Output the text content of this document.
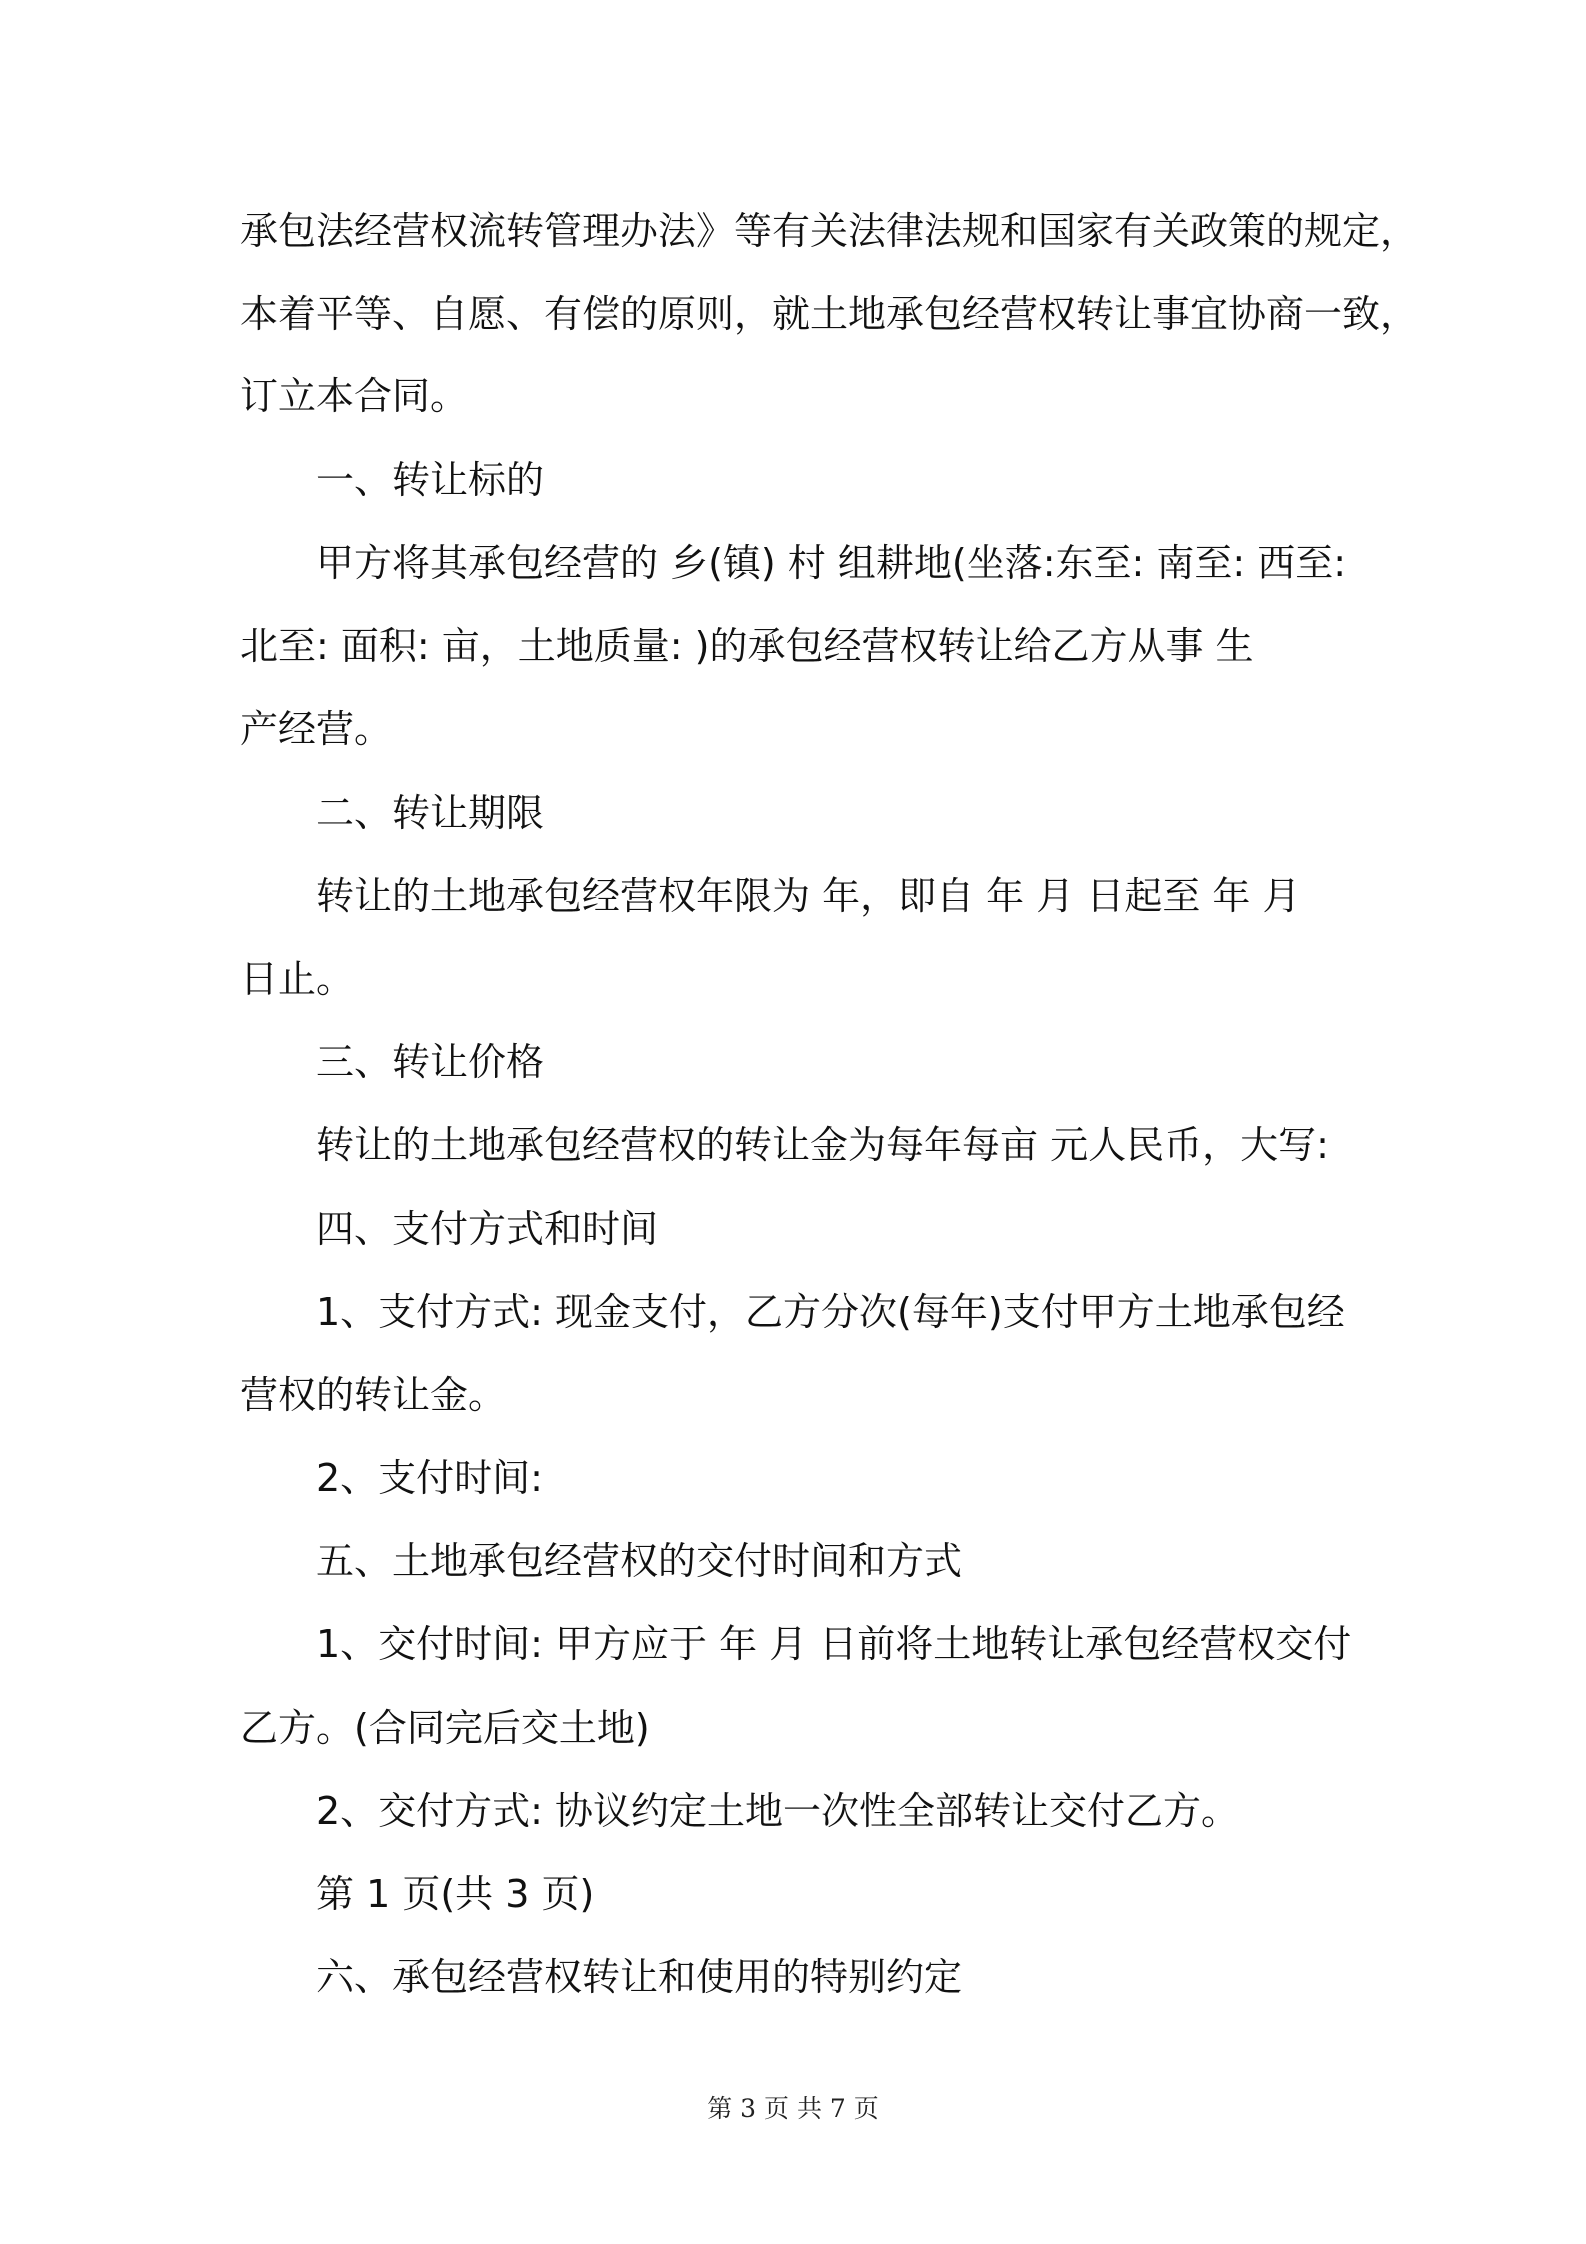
承包法经营权流转管理办法》等有关法律法规和国家有关政策的规定，
本着平等、自愿、有偿的原则，就土地承包经营权转让事宜协商一致，
订立本合同。
一、转让标的
甲方将其承包经营的 乡(镇) 村 组耕地(坐落:东至: 南至: 西至:
北至: 面积: 亩，土地质量: )的承包经营权转让给乙方从事 生
产经营。
二、转让期限
转让的土地承包经营权年限为 年，即自 年 月 日起至 年 月
日止。
三、转让价格
转让的土地承包经营权的转让金为每年每亩 元人民币，大写:
四、支付方式和时间
1、支付方式: 现金支付，乙方分次(每年)支付甲方土地承包经
营权的转让金。
2、支付时间:
五、土地承包经营权的交付时间和方式
1、交付时间: 甲方应于 年 月 日前将土地转让承包经营权交付
乙方。(合同完后交土地)
2、交付方式: 协议约定土地一次性全部转让交付乙方。
第 1 页(共 3 页)
六、承包经营权转让和使用的特别约定
第 3 页 共 7 页
